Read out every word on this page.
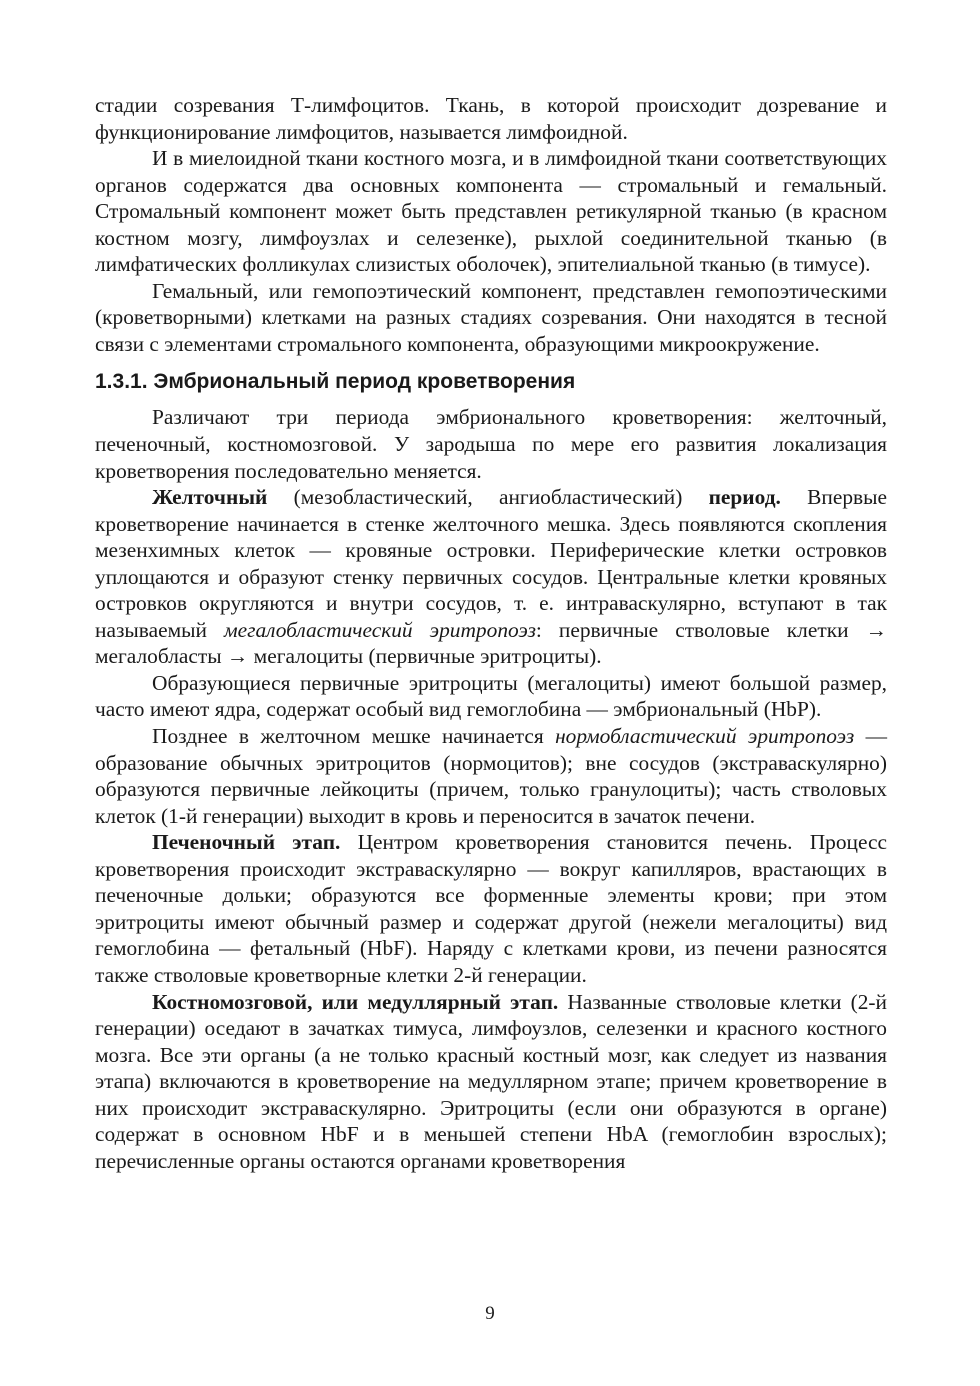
стадии созревания Т-лимфоцитов. Ткань, в которой происходит дозревание и функционирование лимфоцитов, называется лимфоидной.

И в миелоидной ткани костного мозга, и в лимфоидной ткани соответствующих органов содержатся два основных компонента — стромальный и гемальный. Стромальный компонент может быть представлен ретикулярной тканью (в красном костном мозгу, лимфоузлах и селезенке), рыхлой соединительной тканью (в лимфатических фолликулах слизистых оболочек), эпителиальной тканью (в тимусе).

Гемальный, или гемопоэтический компонент, представлен гемопоэтическими (кроветворными) клетками на разных стадиях созревания. Они находятся в тесной связи с элементами стромального компонента, образующими микроокружение.

1.3.1. Эмбриональный период кроветворения

Различают три периода эмбрионального кроветворения: желточный, печеночный, костномозговой. У зародыша по мере его развития локализация кроветворения последовательно меняется.

Желточный (мезобластический, ангиобластический) период. Впервые кроветворение начинается в стенке желточного мешка. Здесь появляются скопления мезенхимных клеток — кровяные островки. Периферические клетки островков уплощаются и образуют стенку первичных сосудов. Центральные клетки кровяных островков округляются и внутри сосудов, т. е. интраваскулярно, вступают в так называемый мегалобластический эритропоэз: первичные стволовые клетки → мегалобласты → мегалоциты (первичные эритроциты).

Образующиеся первичные эритроциты (мегалоциты) имеют большой размер, часто имеют ядра, содержат особый вид гемоглобина — эмбриональный (HbP).

Позднее в желточном мешке начинается нормобластический эритропоэз — образование обычных эритроцитов (нормоцитов); вне сосудов (экстраваскулярно) образуются первичные лейкоциты (причем, только гранулоциты); часть стволовых клеток (1-й генерации) выходит в кровь и переносится в зачаток печени.

Печеночный этап. Центром кроветворения становится печень. Процесс кроветворения происходит экстраваскулярно — вокруг капилляров, врастающих в печеночные дольки; образуются все форменные элементы крови; при этом эритроциты имеют обычный размер и содержат другой (нежели мегалоциты) вид гемоглобина — фетальный (HbF). Наряду с клетками крови, из печени разносятся также стволовые кроветворные клетки 2-й генерации.

Костномозговой, или медуллярный этап. Названные стволовые клетки (2-й генерации) оседают в зачатках тимуса, лимфоузлов, селезенки и красного костного мозга. Все эти органы (а не только красный костный мозг, как следует из названия этапа) включаются в кроветворение на медуллярном этапе; причем кроветворение в них происходит экстраваскулярно. Эритроциты (если они образуются в органе) содержат в основном HbF и в меньшей степени HbA (гемоглобин взрослых); перечисленные органы остаются органами кроветворения

9
